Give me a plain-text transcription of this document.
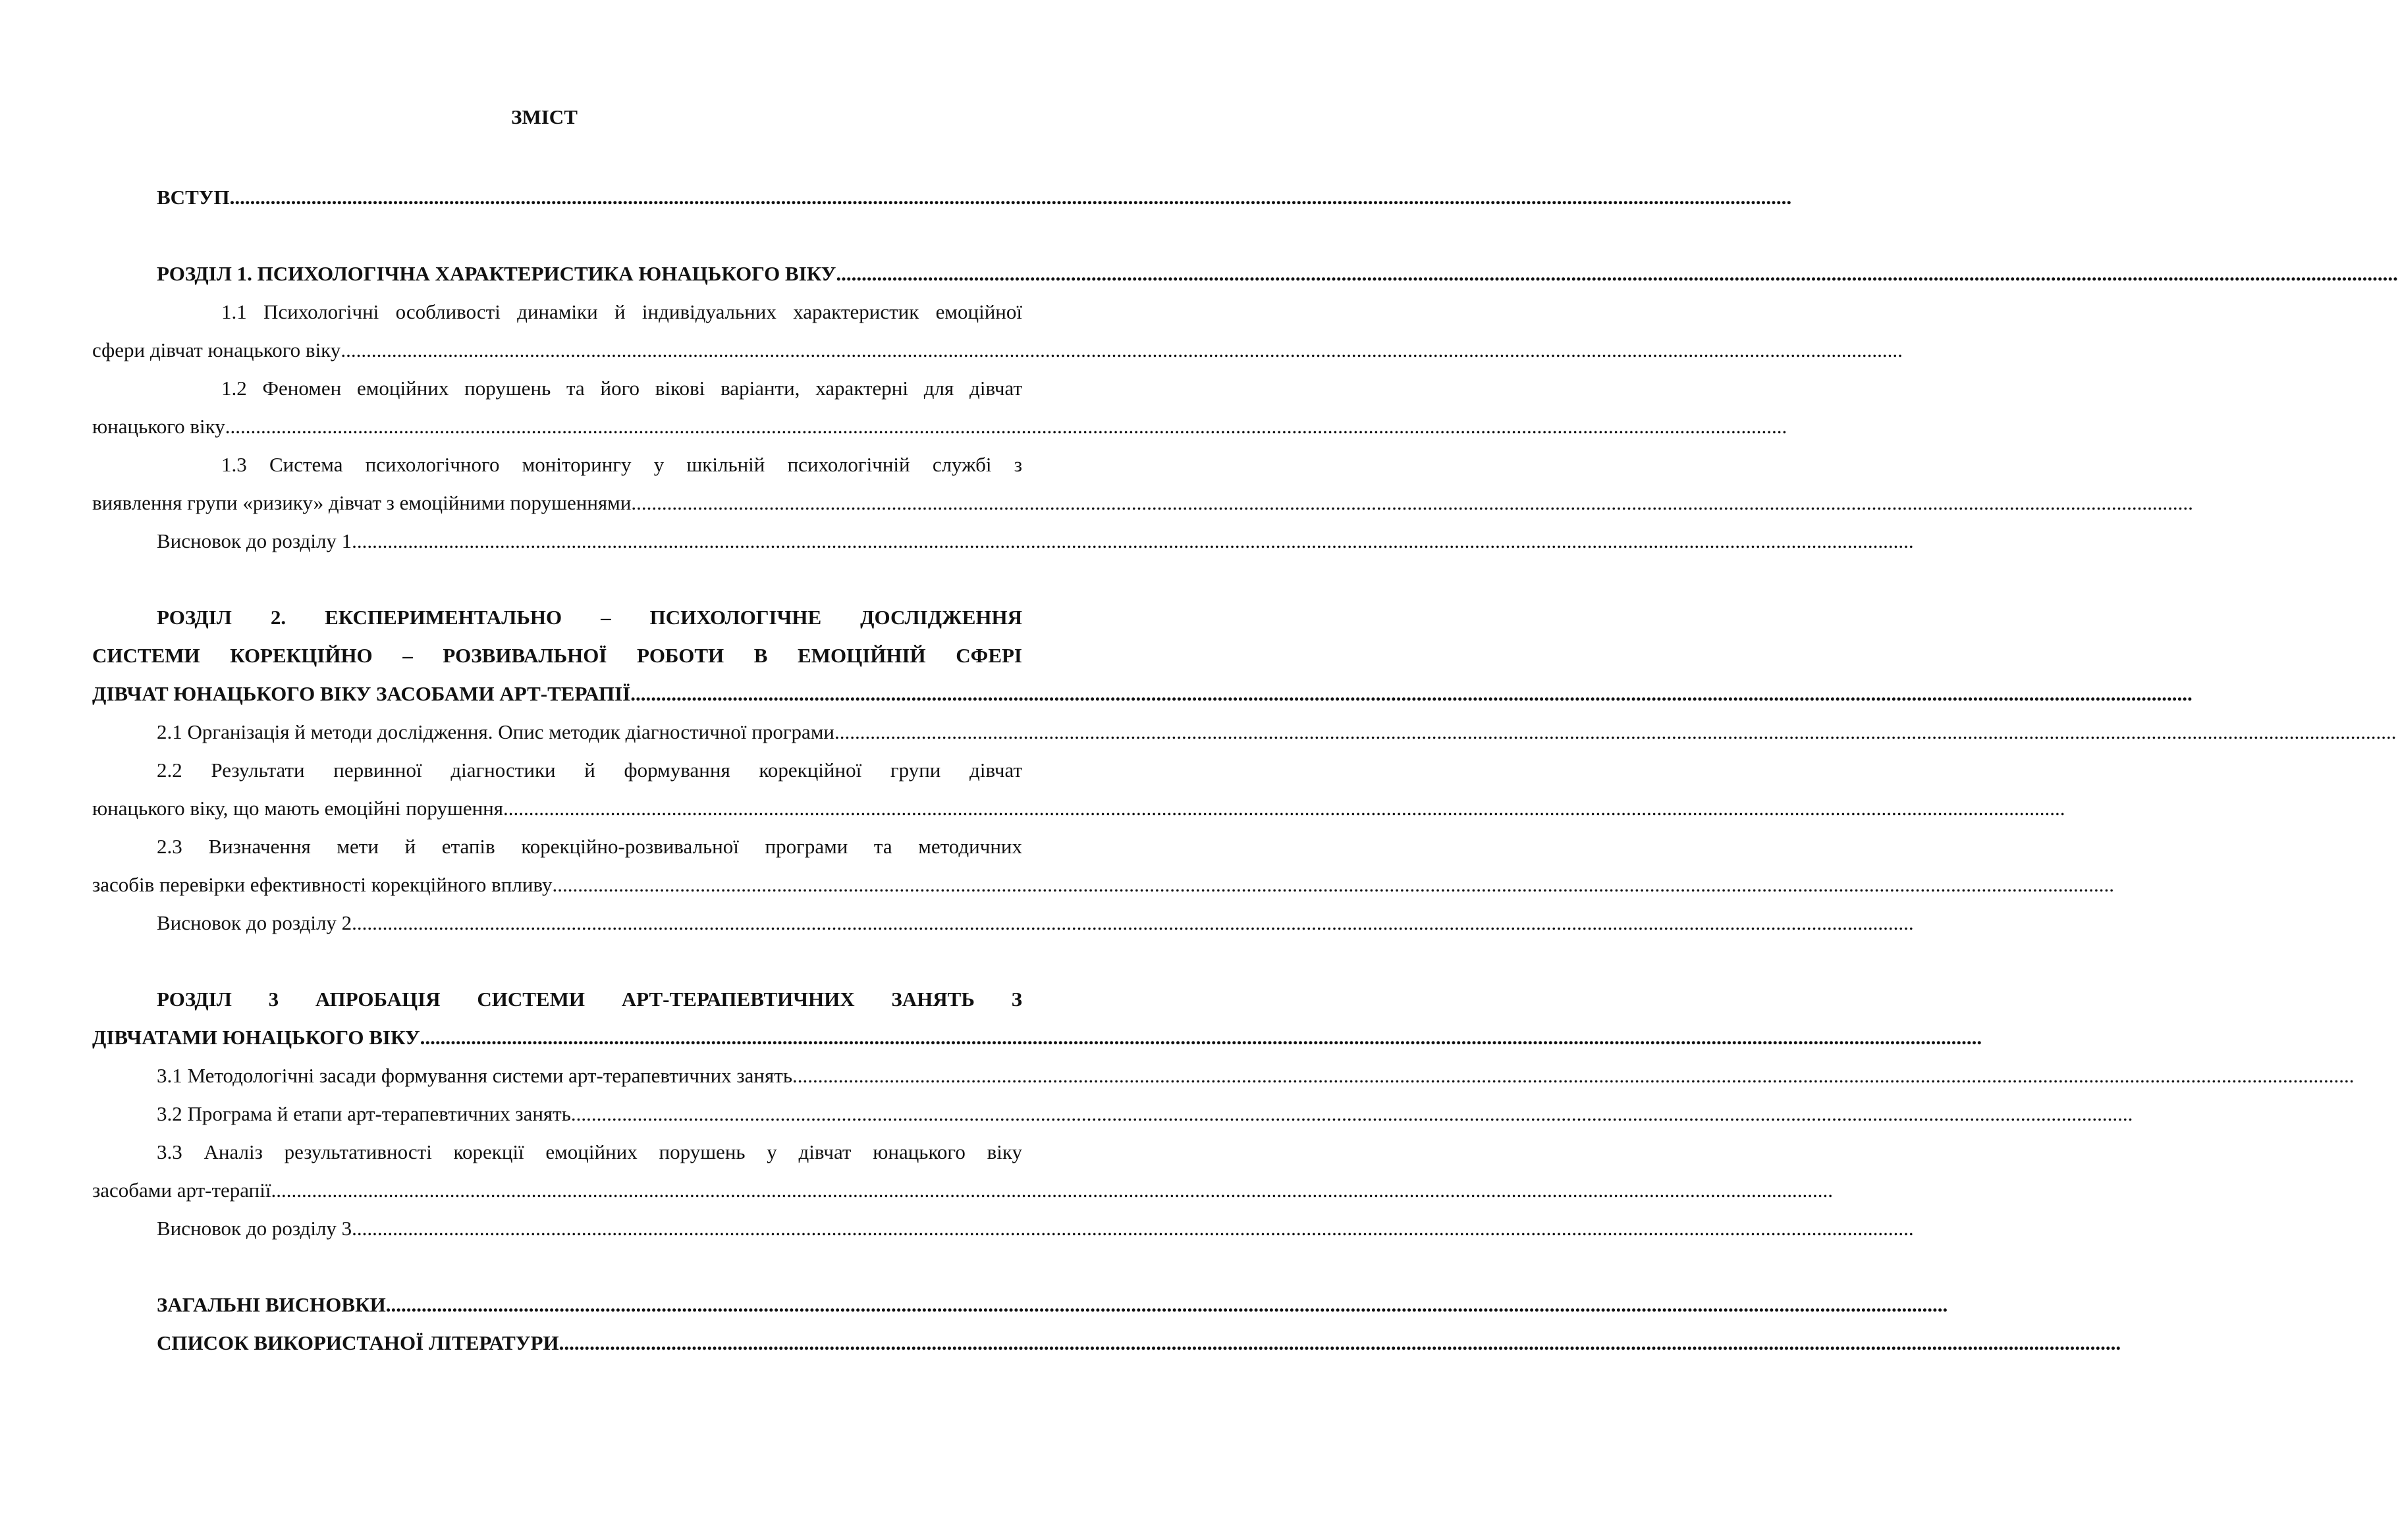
ЗМІСТ
ВСТУП ..................................................................................................................................................................................................................................................................................................................
РОЗДІЛ 1. ПСИХОЛОГІЧНА ХАРАКТЕРИСТИКА ЮНАЦЬКОГО ВІКУ ..................................................................................................................................................................................................................................................................................................................
1.1 Психологічні особливості динаміки й індивідуальних характеристик емоційної
сфери дівчат юнацького віку ..................................................................................................................................................................................................................................................................................................................
1.2 Феномен емоційних порушень та його вікові варіанти, характерні для дівчат
юнацького віку ..................................................................................................................................................................................................................................................................................................................
1.3 Система психологічного моніторингу у шкільній психологічній службі з
виявлення групи «ризику» дівчат з емоційними порушеннями ..................................................................................................................................................................................................................................................................................................................
Висновок до розділу 1 ..................................................................................................................................................................................................................................................................................................................
РОЗДІЛ 2. ЕКСПЕРИМЕНТАЛЬНО – ПСИХОЛОГІЧНЕ ДОСЛІДЖЕННЯ
СИСТЕМИ КОРЕКЦІЙНО – РОЗВИВАЛЬНОЇ РОБОТИ В ЕМОЦІЙНІЙ СФЕРІ
ДІВЧАТ ЮНАЦЬКОГО ВІКУ ЗАСОБАМИ АРТ-ТЕРАПІЇ ..................................................................................................................................................................................................................................................................................................................
2.1 Організація й методи дослідження. Опис методик діагностичної програми ..................................................................................................................................................................................................................................................................................................................
2.2 Результати первинної діагностики й формування корекційної групи дівчат
юнацького віку, що мають емоційні порушення ..................................................................................................................................................................................................................................................................................................................
2.3 Визначення мети й етапів корекційно-розвивальної програми та методичних
засобів перевірки ефективності корекційного впливу ..................................................................................................................................................................................................................................................................................................................
Висновок до розділу 2 ..................................................................................................................................................................................................................................................................................................................
РОЗДІЛ 3 АПРОБАЦІЯ СИСТЕМИ АРТ-ТЕРАПЕВТИЧНИХ ЗАНЯТЬ З
ДІВЧАТАМИ ЮНАЦЬКОГО ВІКУ ..................................................................................................................................................................................................................................................................................................................
3.1 Методологічні засади формування системи арт-терапевтичних занять ..................................................................................................................................................................................................................................................................................................................
3.2 Програма й етапи арт-терапевтичних занять ..................................................................................................................................................................................................................................................................................................................
3.3 Аналіз результативності корекції емоційних порушень у дівчат юнацького віку
засобами арт-терапії ..................................................................................................................................................................................................................................................................................................................
Висновок до розділу 3 ..................................................................................................................................................................................................................................................................................................................
ЗАГАЛЬНІ ВИСНОВКИ ..................................................................................................................................................................................................................................................................................................................
СПИСОК ВИКОРИСТАНОЇ ЛІТЕРАТУРИ ..................................................................................................................................................................................................................................................................................................................
